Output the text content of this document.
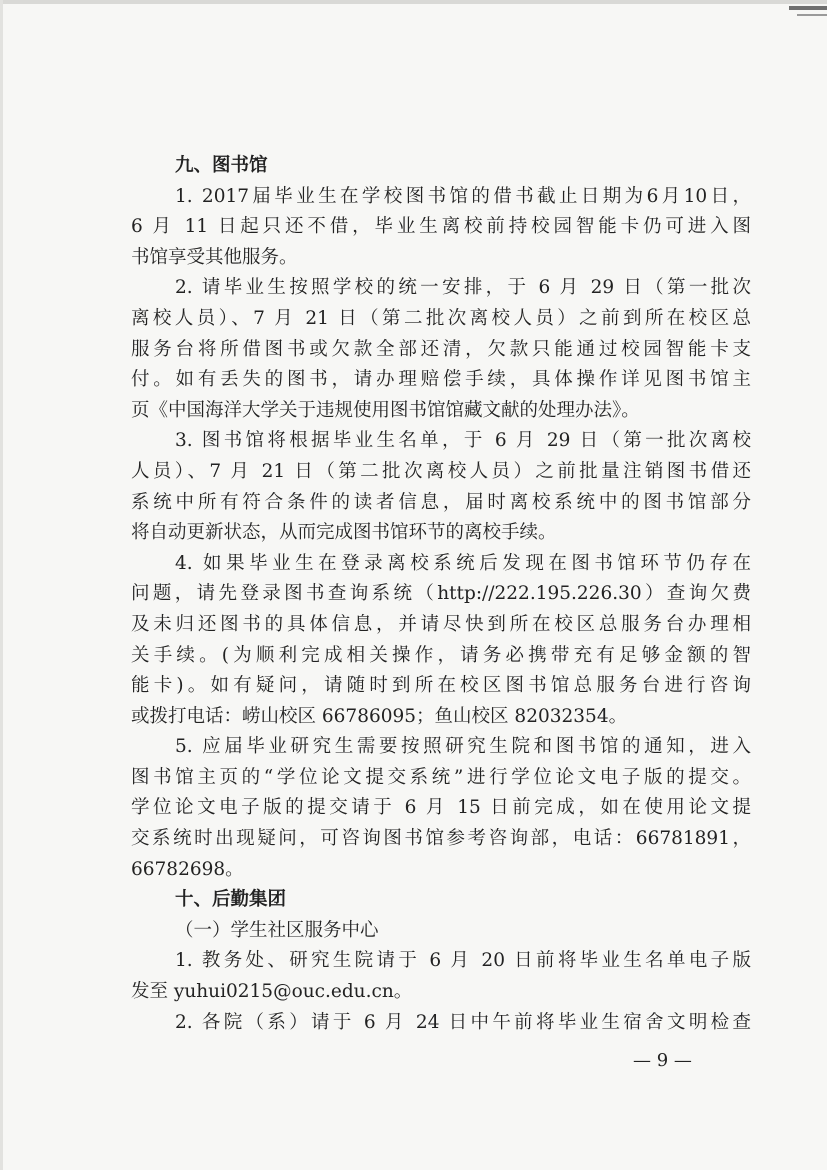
九、图书馆
1. 2017届毕业生在学校图书馆的借书截止日期为6月10日，
6 月 11 日起只还不借，毕业生离校前持校园智能卡仍可进入图
书馆享受其他服务。
2. 请毕业生按照学校的统一安排，于 6 月 29 日（第一批次
离校人员）、7 月 21 日（第二批次离校人员）之前到所在校区总
服务台将所借图书或欠款全部还清，欠款只能通过校园智能卡支
付。如有丢失的图书，请办理赔偿手续，具体操作详见图书馆主
页《中国海洋大学关于违规使用图书馆馆藏文献的处理办法》。
3. 图书馆将根据毕业生名单，于 6 月 29 日（第一批次离校
人员）、7 月 21 日（第二批次离校人员）之前批量注销图书借还
系统中所有符合条件的读者信息，届时离校系统中的图书馆部分
将自动更新状态，从而完成图书馆环节的离校手续。
4. 如果毕业生在登录离校系统后发现在图书馆环节仍存在
问题，请先登录图书查询系统（http://222.195.226.30）查询欠费
及未归还图书的具体信息，并请尽快到所在校区总服务台办理相
关手续。(为顺利完成相关操作，请务必携带充有足够金额的智
能卡)。如有疑问，请随时到所在校区图书馆总服务台进行咨询
或拨打电话：崂山校区 66786095；鱼山校区 82032354。
5. 应届毕业研究生需要按照研究生院和图书馆的通知，进入
图书馆主页的“学位论文提交系统”进行学位论文电子版的提交。
学位论文电子版的提交请于 6 月 15 日前完成，如在使用论文提
交系统时出现疑问，可咨询图书馆参考咨询部，电话：66781891，
66782698。
十、后勤集团
（一）学生社区服务中心
1. 教务处、研究生院请于 6 月 20 日前将毕业生名单电子版
发至 yuhui0215@ouc.edu.cn。
2. 各院（系）请于 6 月 24 日中午前将毕业生宿舍文明检查
— 9 —
